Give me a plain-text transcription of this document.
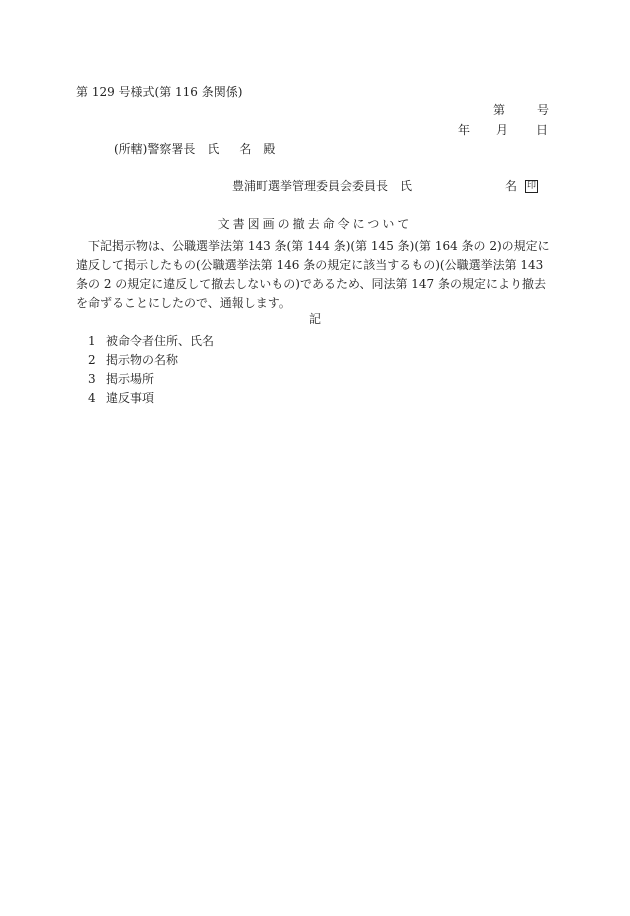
第 129 号様式(第 116 条関係)
第	号
年 月 日
(所轄)警察署長 氏 名 殿
豊浦町選挙管理委員会委員長　氏	名 印
文書図画の撤去命令について
下記掲示物は、公職選挙法第 143 条(第 144 条)(第 145 条)(第 164 条の 2)の規定に違反して掲示したもの(公職選挙法第 146 条の規定に該当するもの)(公職選挙法第 143 条の 2 の規定に違反して撤去しないもの)であるため、同法第 147 条の規定により撤去を命ずることにしたので、通報します。
記
1 被命令者住所、氏名
2 掲示物の名称
3 掲示場所
4 違反事項
